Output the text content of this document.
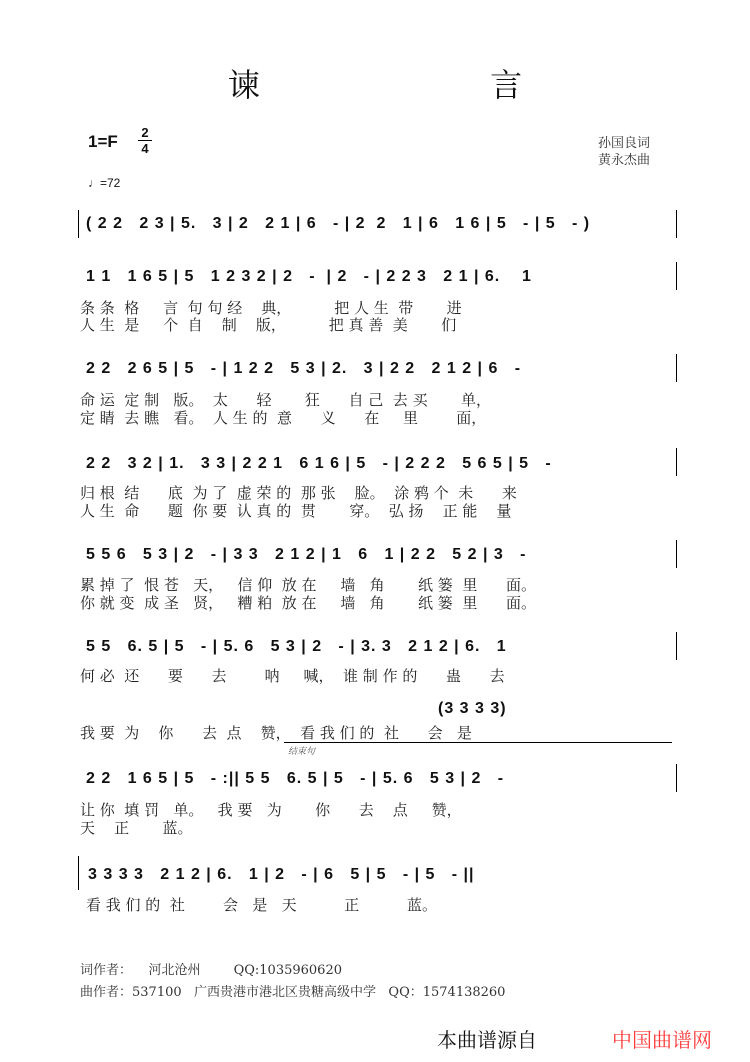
谏 言
1=F 2
4
♩=72
孙国良词
黄永杰曲
( 2 2   2 3 | 5.   3 | 2   2 1 | 6   - | 2  2   1 | 6   1 6 | 5   - | 5   - )
1 1   1 6 5 | 5   1 2 3 2 | 2   -  | 2   - | 2 2 3   2 1 | 6.    1
条 条  格     言  句 句 经    典，         把 人 生  带       进
人 生  是     个  自    制    版，         把 真 善  美       们
2 2   2 6 5 | 5   - | 1 2 2   5 3 | 2.   3 | 2 2   2 1 2 | 6   -
命 运  定 制   版。  太      轻       狂      自 己  去 买       单，
定 睛  去 瞧   看。  人 生 的  意      义      在     里        面，
2 2   3 2 | 1.   3 3 | 2 2 1   6 1 6 | 5   - | 2 2 2   5 6 5 | 5   -
归 根  结      底  为 了  虚 荣 的  那 张    脸。  涂 鸦 个  未      来
人 生  命      题  你 要  认 真 的  贯       穿。  弘 扬    正 能    量
5 5 6   5 3 | 2   - | 3 3   2 1 2 | 1   6   1 | 2 2   5 2 | 3   -
累 掉 了  恨 苍   天，   信 仰  放 在     墙   角       纸 篓  里      面。
你 就 变  成 圣   贤，   糟 粕  放 在     墙   角       纸 篓  里      面。
5 5   6. 5 | 5   - | 5. 6   5 3 | 2   - | 3. 3   2 1 2 | 6.   1
何 必  还      要      去        呐     喊，  谁 制 作 的      蛊      去
(3 3 3 3)
我 要  为    你      去  点    赞，  看 我 们 的  社      会   是
结束句
2 2   1 6 5 | 5   - :|| 5 5   6. 5 | 5   - | 5. 6   5 3 | 2   -
让 你  填 罚   单。   我 要   为       你      去    点     赞，
天    正       蓝。
3 3 3 3   2 1 2 | 6.   1 | 2   - | 6   5 | 5   - | 5   - ||
看 我 们 的  社        会   是   天          正          蓝。
词作者：    河北沧州        QQ:1035960620
曲作者：537100   广西贵港市港北区贵糖高级中学   QQ：1574138260
本曲谱源自	中国曲谱网
